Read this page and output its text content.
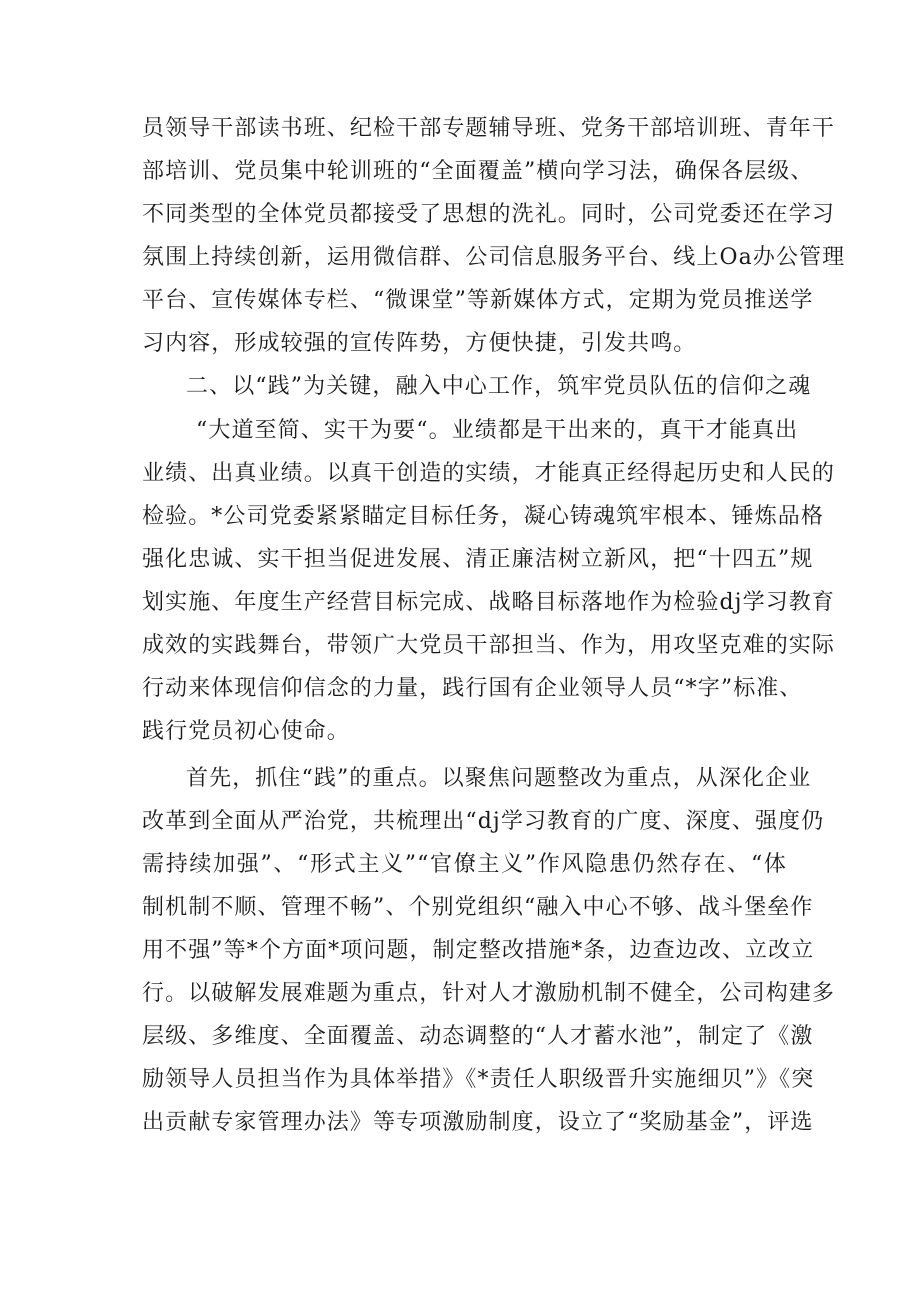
员领导干部读书班、纪检干部专题辅导班、党务干部培训班、青年干
部培训、党员集中轮训班的“全面覆盖”横向学习法，确保各层级、
不同类型的全体党员都接受了思想的洗礼。同时，公司党委还在学习
氛围上持续创新，运用微信群、公司信息服务平台、线上Oa办公管理
平台、宣传媒体专栏、“微课堂”等新媒体方式，定期为党员推送学
习内容，形成较强的宣传阵势，方便快捷，引发共鸣。
二、以“践”为关键，融入中心工作，筑牢党员队伍的信仰之魂
“大道至简、实干为要“。业绩都是干出来的，真干才能真出
业绩、出真业绩。以真干创造的实绩，才能真正经得起历史和人民的
检验。*公司党委紧紧瞄定目标任务，凝心铸魂筑牢根本、锤炼品格
强化忠诚、实干担当促进发展、清正廉洁树立新风，把“十四五”规
划实施、年度生产经营目标完成、战略目标落地作为检验dj学习教育
成效的实践舞台，带领广大党员干部担当、作为，用攻坚克难的实际
行动来体现信仰信念的力量，践行国有企业领导人员“*字”标准、
践行党员初心使命。
首先，抓住“践”的重点。以聚焦问题整改为重点，从深化企业
改革到全面从严治党，共梳理出“dj学习教育的广度、深度、强度仍
需持续加强”、“形式主义”“官僚主义”作风隐患仍然存在、“体
制机制不顺、管理不畅”、个别党组织“融入中心不够、战斗堡垒作
用不强”等*个方面*项问题，制定整改措施*条，边查边改、立改立
行。以破解发展难题为重点，针对人才激励机制不健全，公司构建多
层级、多维度、全面覆盖、动态调整的“人才蓄水池”，制定了《激
励领导人员担当作为具体举措》《*责任人职级晋升实施细贝”》《突
出贡献专家管理办法》等专项激励制度，设立了“奖励基金”，评选
